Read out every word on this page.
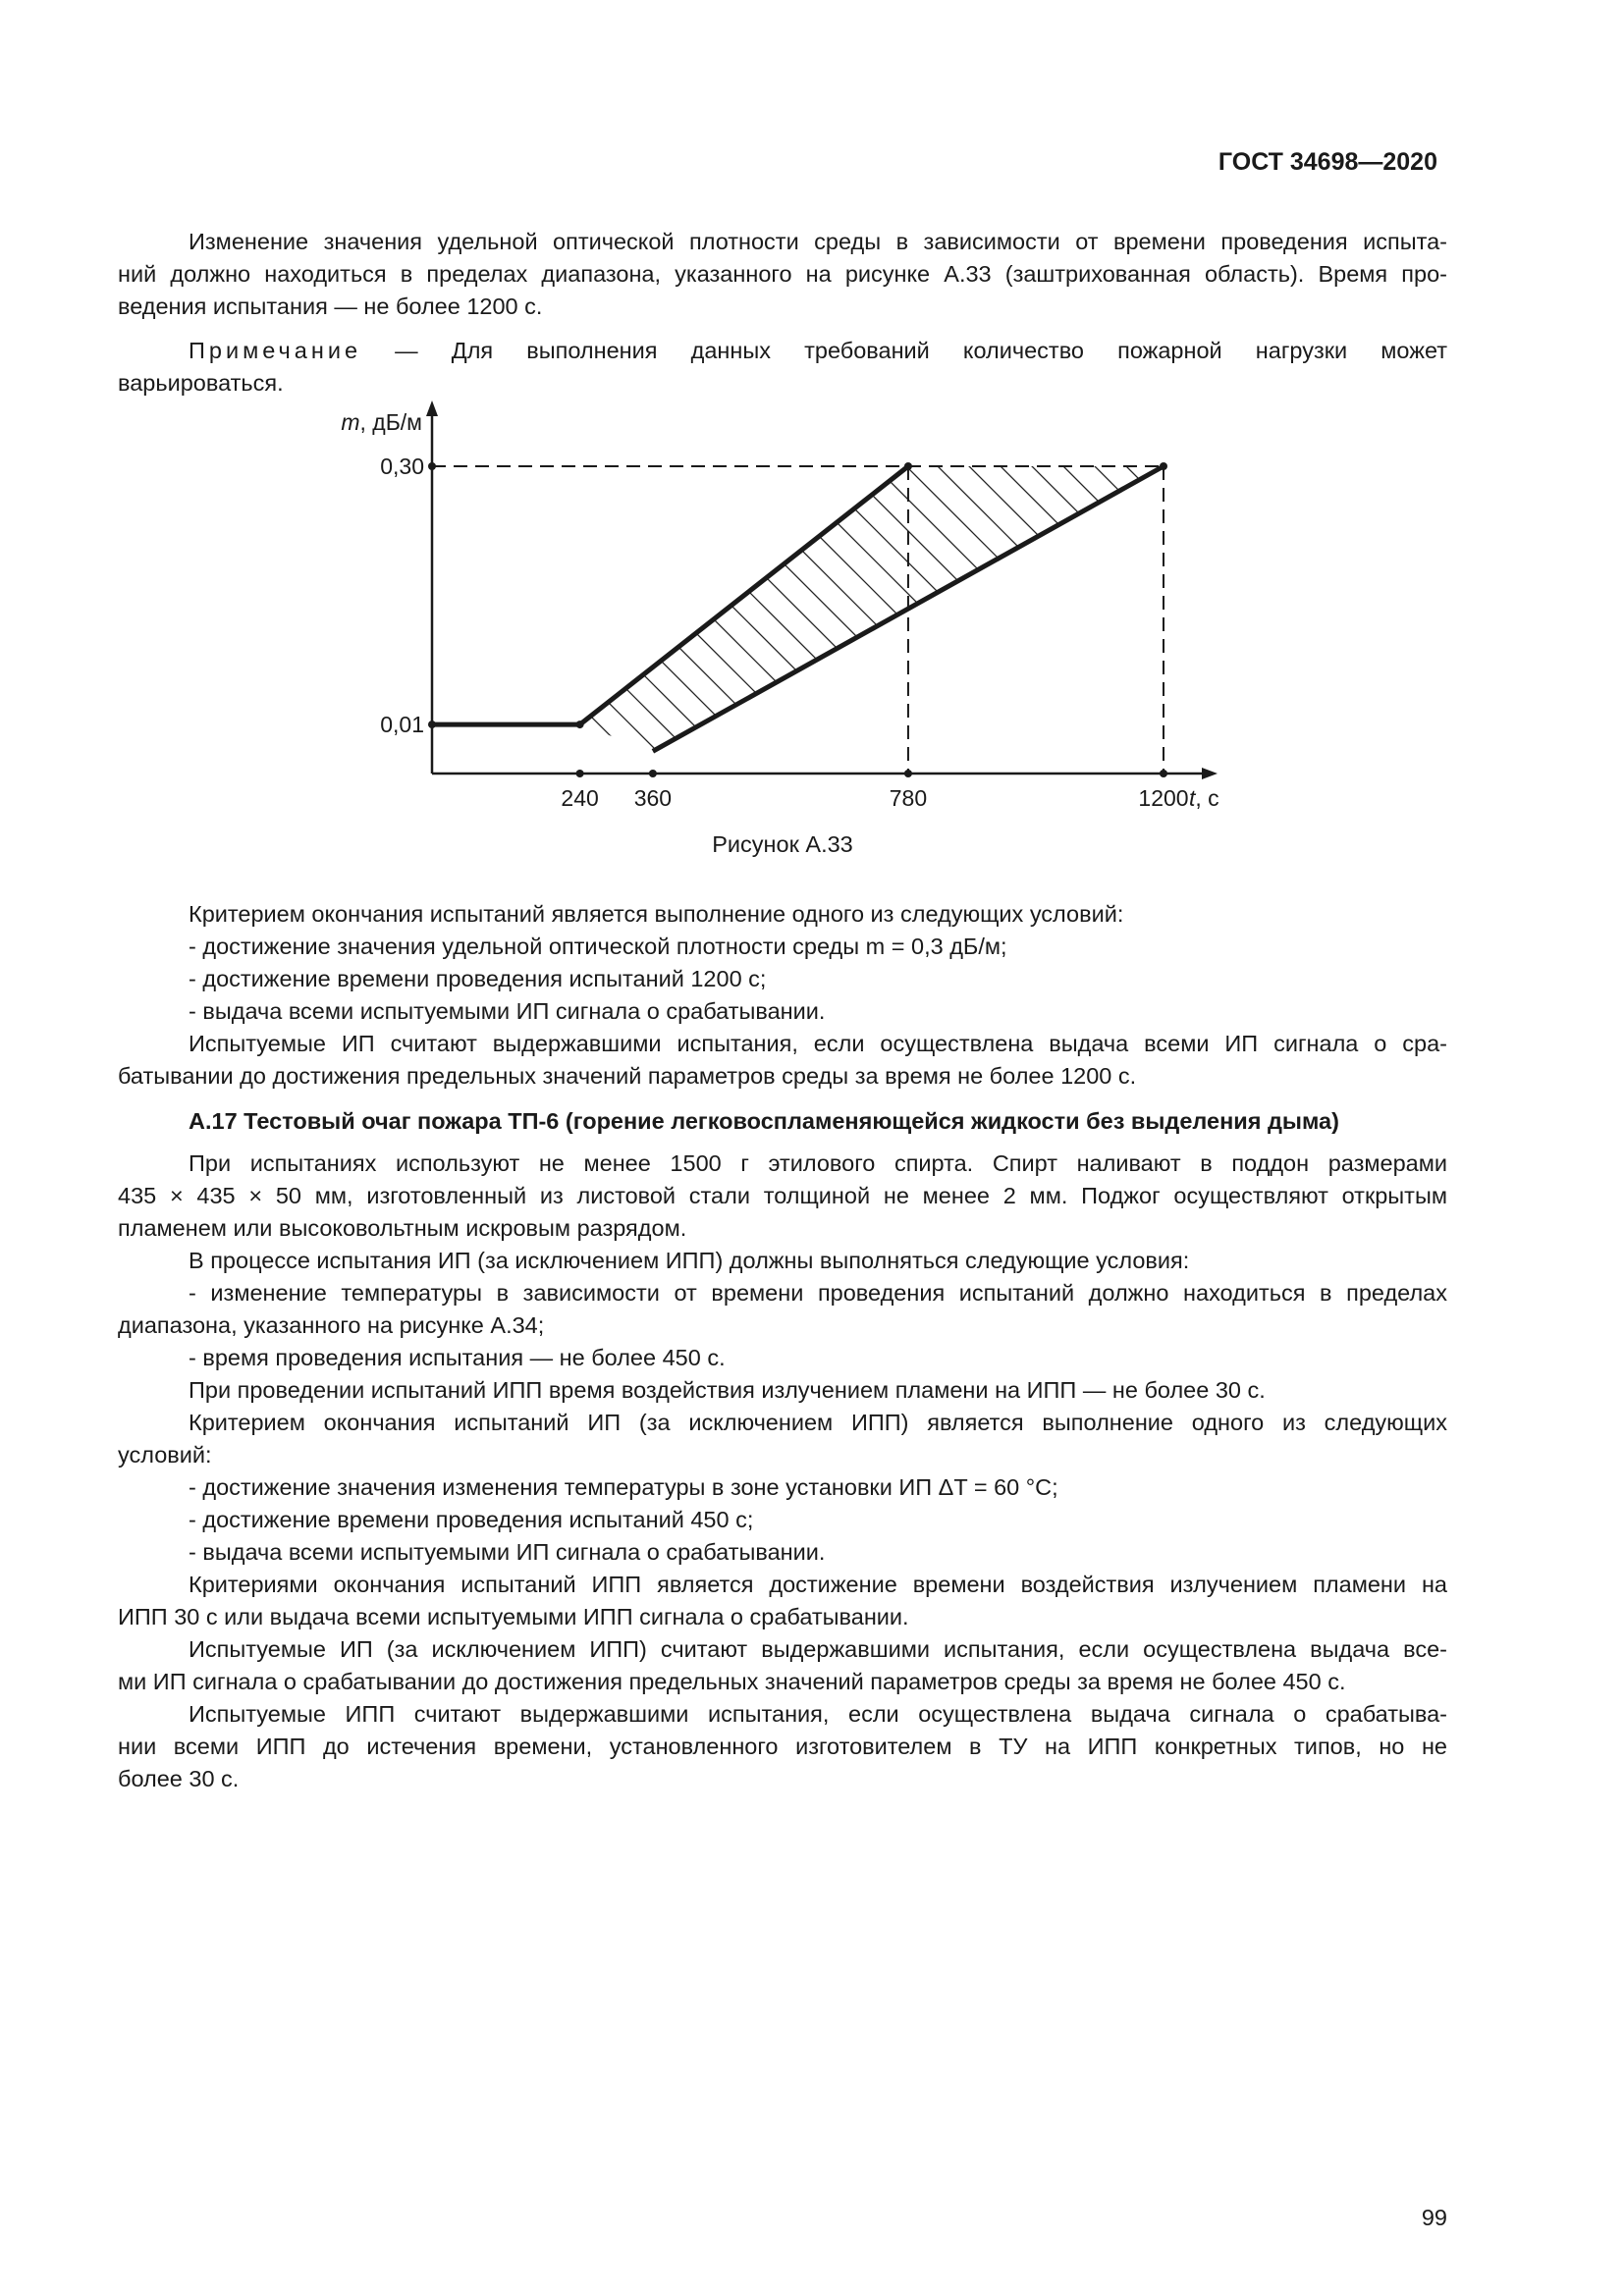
ГОСТ 34698—2020

Изменение значения удельной оптической плотности среды в зависимости от времени проведения испыта-

ний должно находиться в пределах диапазона, указанного на рисунке А.33 (заштрихованная область). Время про-

ведения испытания — не более 1200 с.

Примечание — Для выполнения данных требований количество пожарной нагрузки может

варьироваться.

240 360	780	1200
0,01
0,30
t, с
m, дБ/м
Рисунок А.33

Критерием окончания испытаний является выполнение одного из следующих условий:

- достижение значения удельной оптической плотности среды m = 0,3 дБ/м;

- достижение времени проведения испытаний 1200 с;

- выдача всеми испытуемыми ИП сигнала о срабатывании.

Испытуемые ИП считают выдержавшими испытания, если осуществлена выдача всеми ИП сигнала о сра-

батывании до достижения предельных значений параметров среды за время не более 1200 с.

А.17 Тестовый очаг пожара ТП-6 (горение легковоспламеняющейся жидкости без выделения дыма)

При испытаниях используют не менее 1500 г этилового спирта. Спирт наливают в поддон размерами

435 × 435 × 50 мм, изготовленный из листовой стали толщиной не менее 2 мм. Поджог осуществляют открытым

пламенем или высоковольтным искровым разрядом.

В процессе испытания ИП (за исключением ИПП) должны выполняться следующие условия:

- изменение температуры в зависимости от времени проведения испытаний должно находиться в пределах

диапазона, указанного на рисунке А.34;

- время проведения испытания — не более 450 с.

При проведении испытаний ИПП время воздействия излучением пламени на ИПП — не более 30 с.

Критерием окончания испытаний ИП (за исключением ИПП) является выполнение одного из следующих

условий:

- достижение значения изменения температуры в зоне установки ИП ΔT = 60 °С;

- достижение времени проведения испытаний 450 с;

- выдача всеми испытуемыми ИП сигнала о срабатывании.

Критериями окончания испытаний ИПП является достижение времени воздействия излучением пламени на

ИПП 30 с или выдача всеми испытуемыми ИПП сигнала о срабатывании.

Испытуемые ИП (за исключением ИПП) считают выдержавшими испытания, если осуществлена выдача все-

ми ИП сигнала о срабатывании до достижения предельных значений параметров среды за время не более 450 с.

Испытуемые ИПП считают выдержавшими испытания, если осуществлена выдача сигнала о срабатыва-

нии всеми ИПП до истечения времени, установленного изготовителем в ТУ на ИПП конкретных типов, но не

более 30 с.

99
